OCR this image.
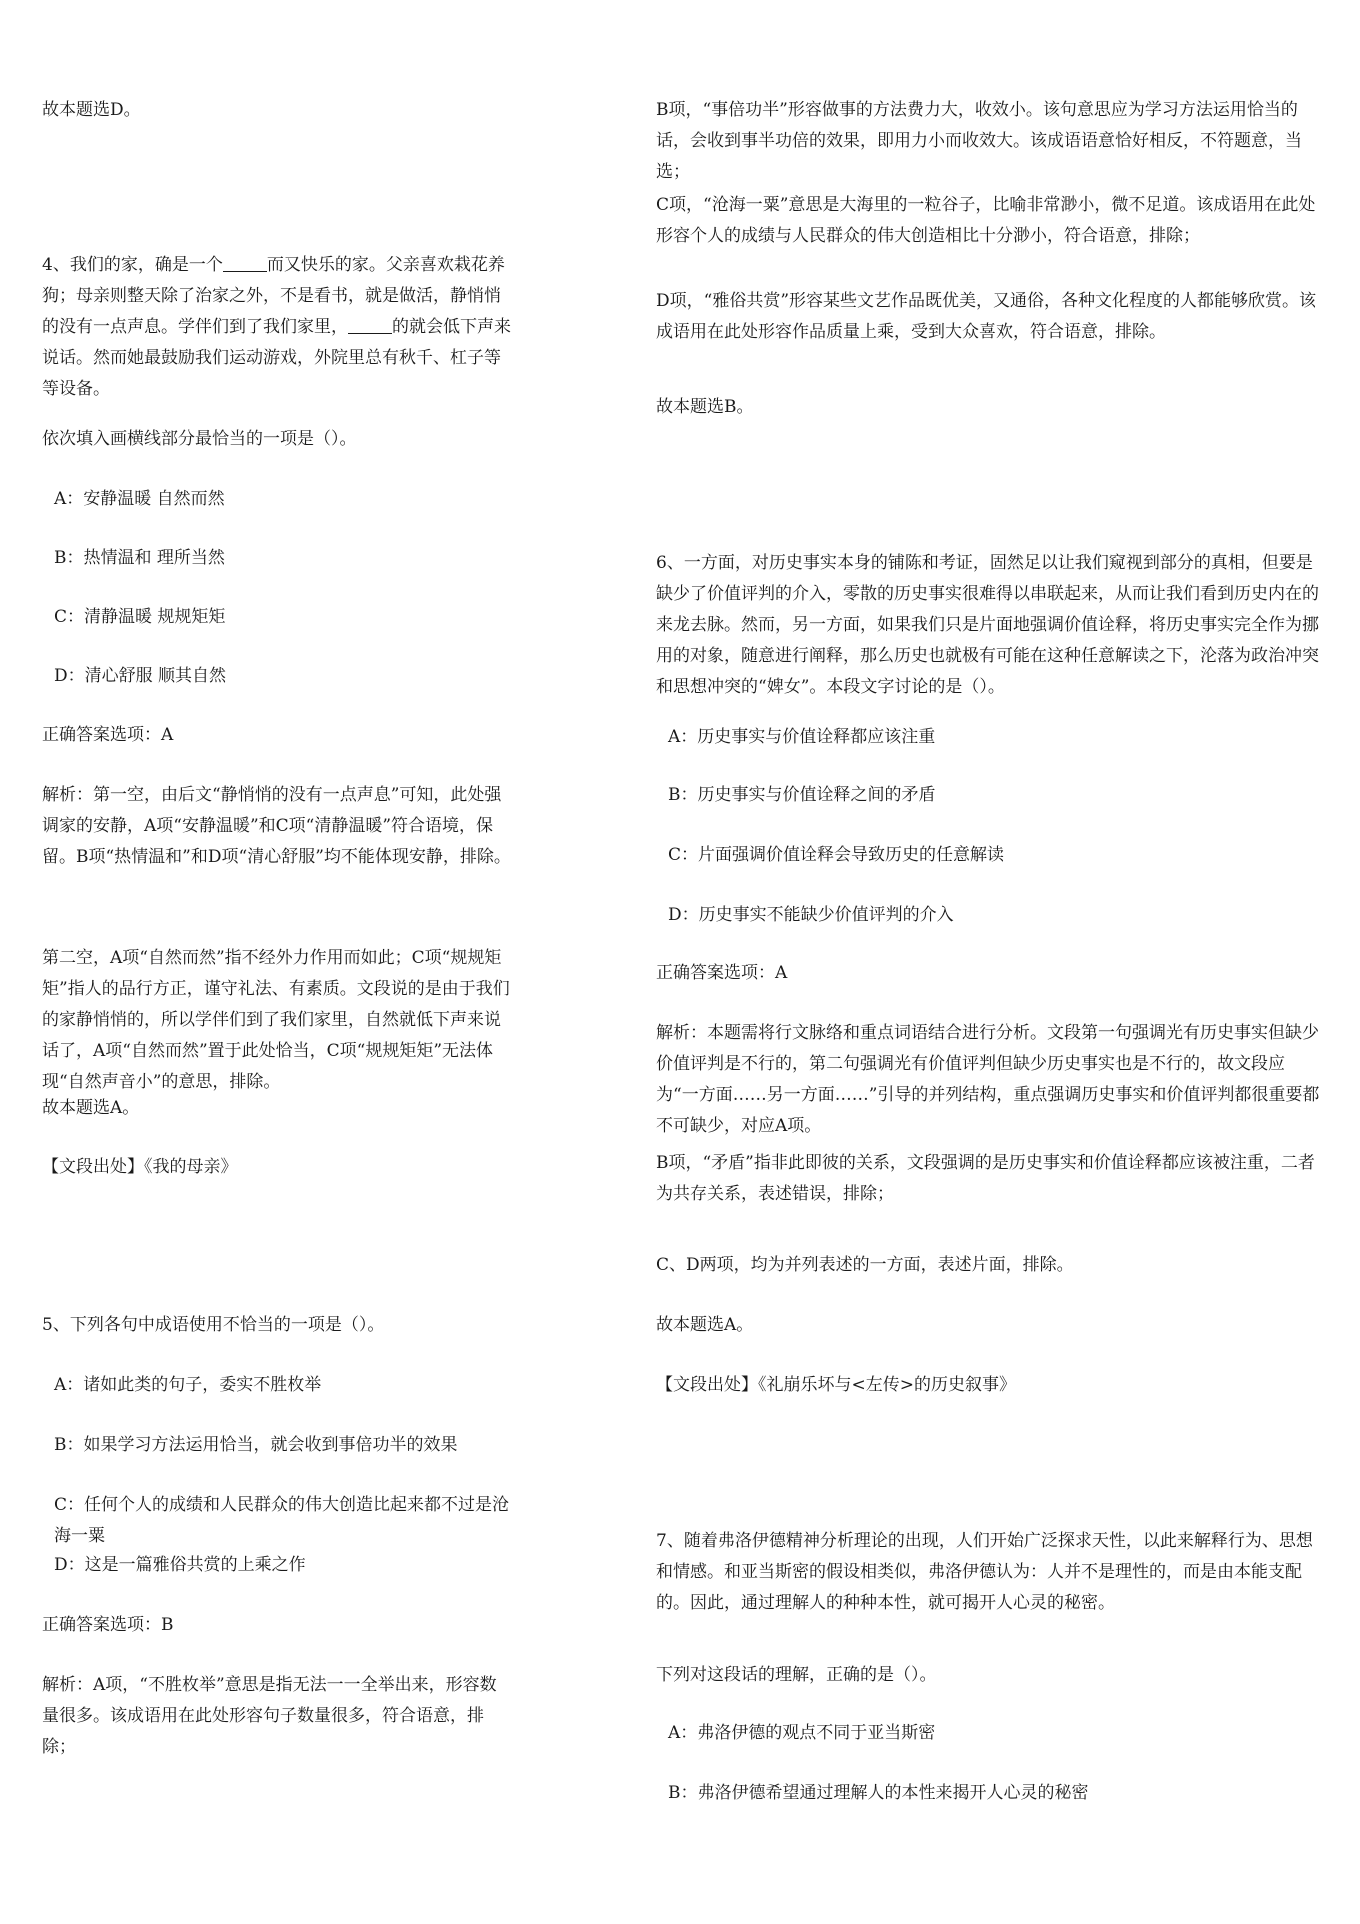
故本题选D。

4、我们的家，确是一个	而又快乐的家。父亲喜欢栽花养狗；母亲则整天除了治家之外，不是看书，就是做活，静悄悄的没有一点声息。学伴们到了我们家里，	的就会低下声来说话。然而她最鼓励我们运动游戏，外院里总有秋千、杠子等等设备。

依次填入画横线部分最恰当的一项是（）。

A：安静温暖 自然而然

B：热情温和 理所当然

C：清静温暖 规规矩矩

D：清心舒服 顺其自然

正确答案选项：A

解析：第一空，由后文“静悄悄的没有一点声息”可知，此处强调家的安静，A项“安静温暖”和C项“清静温暖”符合语境，保留。B项“热情温和”和D项“清心舒服”均不能体现安静，排除。

第二空，A项“自然而然”指不经外力作用而如此；C项“规规矩矩”指人的品行方正，谨守礼法、有素质。文段说的是由于我们的家静悄悄的，所以学伴们到了我们家里，自然就低下声来说话了，A项“自然而然”置于此处恰当，C项“规规矩矩”无法体现“自然声音小”的意思，排除。

故本题选A。

【文段出处】《我的母亲》

5、下列各句中成语使用不恰当的一项是（）。

A：诸如此类的句子，委实不胜枚举

B：如果学习方法运用恰当，就会收到事倍功半的效果

C：任何个人的成绩和人民群众的伟大创造比起来都不过是沧海一粟

D：这是一篇雅俗共赏的上乘之作

正确答案选项：B

解析：A项，“不胜枚举”意思是指无法一一全举出来，形容数量很多。该成语用在此处形容句子数量很多，符合语意，排除；

B项，“事倍功半”形容做事的方法费力大，收效小。该句意思应为学习方法运用恰当的话，会收到事半功倍的效果，即用力小而收效大。该成语语意恰好相反，不符题意，当选；

C项，“沧海一粟”意思是大海里的一粒谷子，比喻非常渺小，微不足道。该成语用在此处形容个人的成绩与人民群众的伟大创造相比十分渺小，符合语意，排除；

D项，“雅俗共赏”形容某些文艺作品既优美，又通俗，各种文化程度的人都能够欣赏。该成语用在此处形容作品质量上乘，受到大众喜欢，符合语意，排除。

故本题选B。

6、一方面，对历史事实本身的铺陈和考证，固然足以让我们窥视到部分的真相，但要是缺少了价值评判的介入，零散的历史事实很难得以串联起来，从而让我们看到历史内在的来龙去脉。然而，另一方面，如果我们只是片面地强调价值诠释，将历史事实完全作为挪用的对象，随意进行阐释，那么历史也就极有可能在这种任意解读之下，沦落为政治冲突和思想冲突的“婢女”。本段文字讨论的是（）。

A：历史事实与价值诠释都应该注重

B：历史事实与价值诠释之间的矛盾

C：片面强调价值诠释会导致历史的任意解读

D：历史事实不能缺少价值评判的介入

正确答案选项：A

解析：本题需将行文脉络和重点词语结合进行分析。文段第一句强调光有历史事实但缺少价值评判是不行的，第二句强调光有价值评判但缺少历史事实也是不行的，故文段应为“一方面……另一方面……”引导的并列结构，重点强调历史事实和价值评判都很重要都不可缺少，对应A项。

B项，“矛盾”指非此即彼的关系，文段强调的是历史事实和价值诠释都应该被注重，二者为共存关系，表述错误，排除；

C、D两项，均为并列表述的一方面，表述片面，排除。

故本题选A。

【文段出处】《礼崩乐坏与<左传>的历史叙事》

7、随着弗洛伊德精神分析理论的出现，人们开始广泛探求天性，以此来解释行为、思想和情感。和亚当斯密的假设相类似，弗洛伊德认为：人并不是理性的，而是由本能支配的。因此，通过理解人的种种本性，就可揭开人心灵的秘密。

下列对这段话的理解，正确的是（）。

A：弗洛伊德的观点不同于亚当斯密

B：弗洛伊德希望通过理解人的本性来揭开人心灵的秘密
